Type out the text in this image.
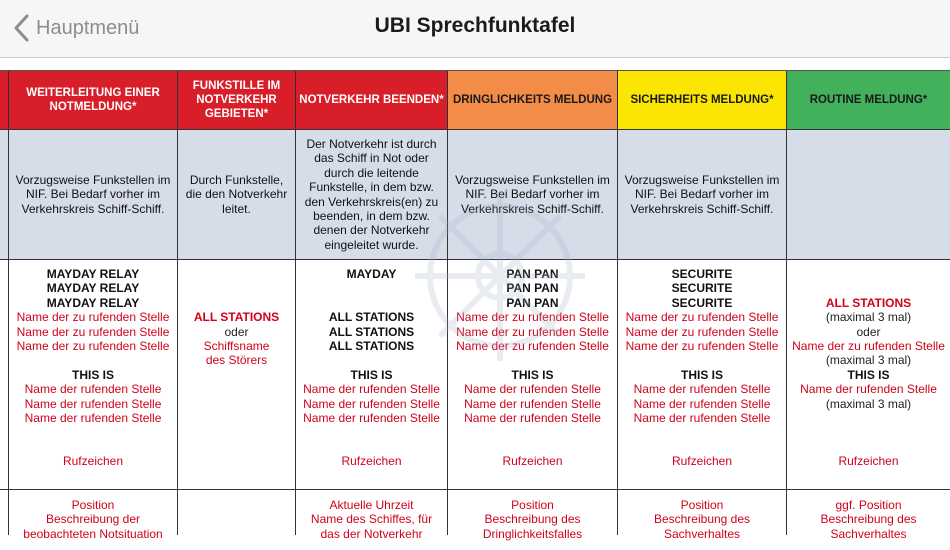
Hauptmenü	UBI Sprechfunktafel
WEITERLEITUNG EINER NOTMELDUNG*
Vorzugsweise Funkstellen im NIF. Bei Bedarf vorher im Verkehrskreis Schiff-Schiff.
MAYDAY RELAY
MAYDAY RELAY
MAYDAY RELAY
Name der zu rufenden Stelle
Name der zu rufenden Stelle
Name der zu rufenden Stelle
THIS IS
Name der rufenden Stelle
Name der rufenden Stelle
Name der rufenden Stelle
Rufzeichen
Position
Beschreibung der
beobachteten Notsituation
FUNKSTILLE IM NOTVERKEHR GEBIETEN*
Durch Funkstelle, die den Notverkehr leitet.
ALL STATIONS
oder
Schiffsname
des Störers
NOTVERKEHR BEENDEN*
Der Notverkehr ist durch das Schiff in Not oder durch die leitende Funkstelle, in dem bzw. den Verkehrskreis(en) zu beenden, in dem bzw. denen der Notverkehr eingeleitet wurde.
MAYDAY
ALL STATIONS
ALL STATIONS
ALL STATIONS
THIS IS
Name der rufenden Stelle
Name der rufenden Stelle
Name der rufenden Stelle
Rufzeichen
Aktuelle Uhrzeit
Name des Schiffes, für
das der Notverkehr
DRINGLICHKEITS MELDUNG
Vorzugsweise Funkstellen im NIF. Bei Bedarf vorher im Verkehrskreis Schiff-Schiff.
PAN PAN
PAN PAN
PAN PAN
Name der zu rufenden Stelle
Name der zu rufenden Stelle
Name der zu rufenden Stelle
THIS IS
Name der rufenden Stelle
Name der rufenden Stelle
Name der rufenden Stelle
Rufzeichen
Position
Beschreibung des
Dringlichkeitsfalles
SICHERHEITS MELDUNG*
Vorzugsweise Funkstellen im NIF. Bei Bedarf vorher im Verkehrskreis Schiff-Schiff.
SECURITE
SECURITE
SECURITE
Name der zu rufenden Stelle
Name der zu rufenden Stelle
Name der zu rufenden Stelle
THIS IS
Name der rufenden Stelle
Name der rufenden Stelle
Name der rufenden Stelle
Rufzeichen
Position
Beschreibung des
Sachverhaltes
ROUTINE MELDUNG*
ALL STATIONS
(maximal 3 mal)
oder
Name der zu rufenden Stelle
(maximal 3 mal)
THIS IS
Name der rufenden Stelle
(maximal 3 mal)
Rufzeichen
ggf. Position
Beschreibung des
Sachverhaltes
